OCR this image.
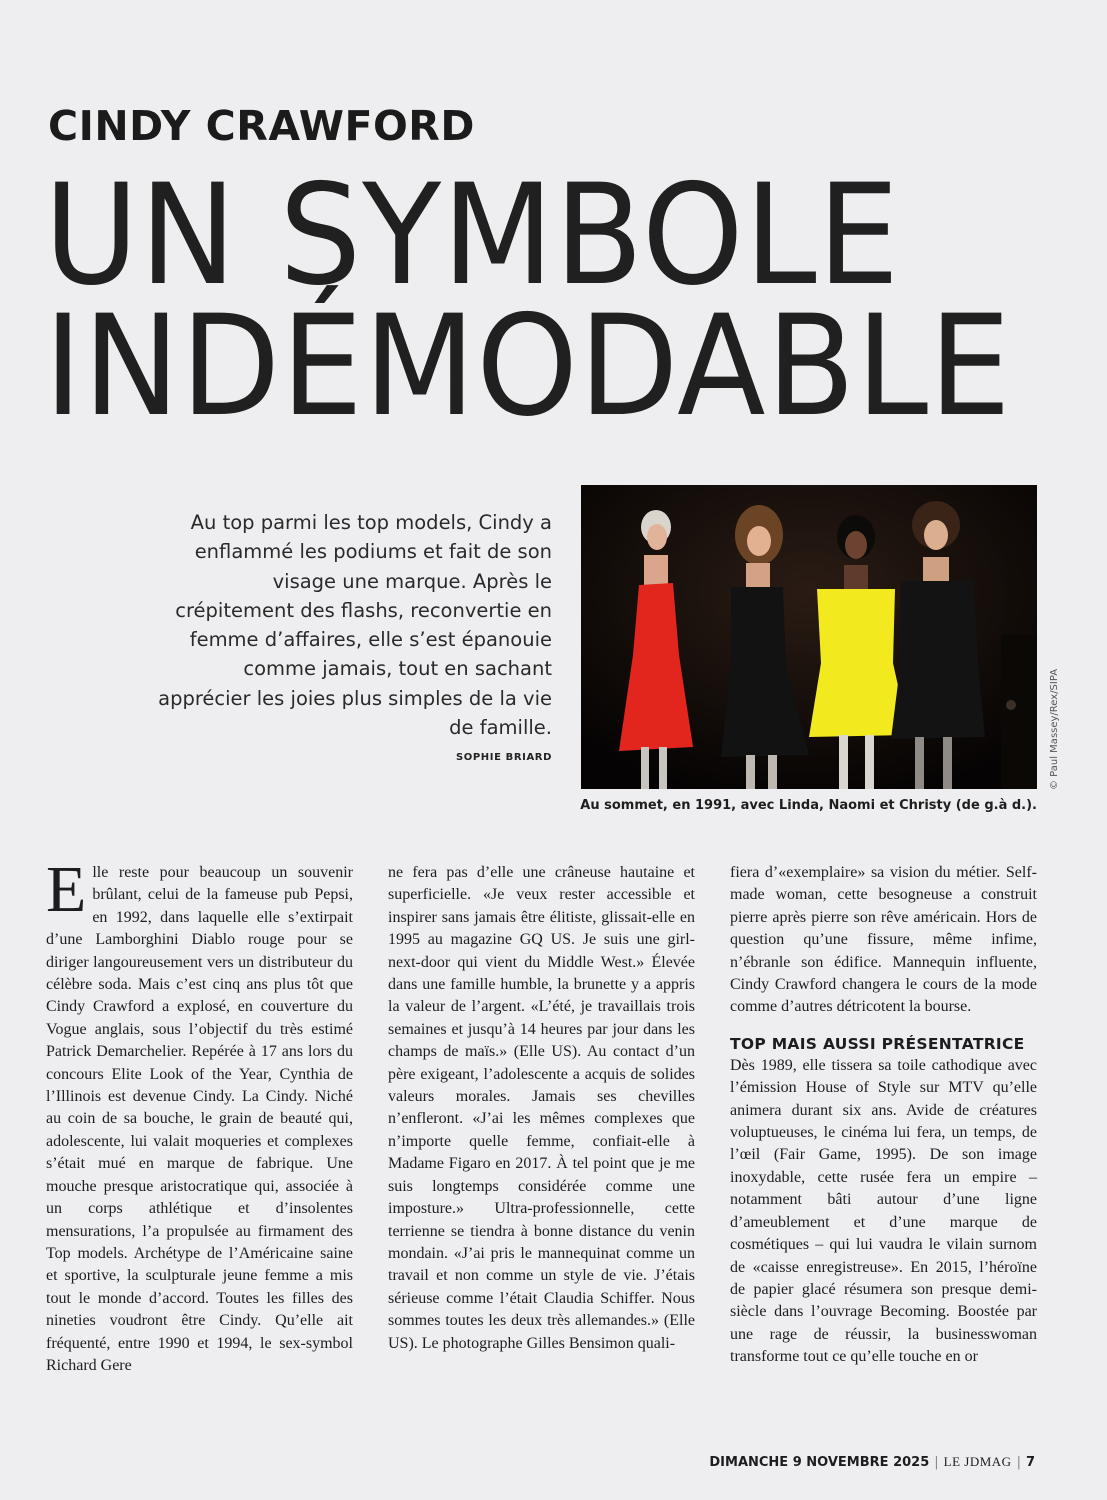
CINDY CRAWFORD
UN SYMBOLE
INDÉMODABLE

Au top parmi les top models, Cindy a enflammé les podiums et fait de son visage une marque. Après le crépitement des flashs, reconvertie en femme d’affaires, elle s’est épanouie comme jamais, tout en sachant apprécier les joies plus simples de la vie de famille.

SOPHIE BRIARD	© Paul Massey/Rex/SIPA
Au sommet, en 1991, avec Linda, Naomi et Christy (de g.à d.).
Elle reste pour beaucoup un souvenir brûlant, celui de la fameuse pub Pepsi, en 1992, dans laquelle elle s’extirpait d’une Lamborghini Diablo rouge pour se diriger langoureusement vers un distributeur du célèbre soda. Mais c’est cinq ans plus tôt que Cindy Crawford a explosé, en couverture du Vogue anglais, sous l’objectif du très estimé Patrick Demarchelier. Repérée à 17 ans lors du concours Elite Look of the Year, Cynthia de l’Illinois est devenue Cindy. La Cindy. Niché au coin de sa bouche, le grain de beauté qui, adolescente, lui valait moqueries et complexes s’était mué en marque de fabrique. Une mouche presque aristocratique qui, associée à un corps athlétique et d’insolentes mensurations, l’a propulsée au firmament des Top models. Archétype de l’Américaine saine et sportive, la sculpturale jeune femme a mis tout le monde d’accord. Toutes les filles des nineties voudront être Cindy. Qu’elle ait fréquenté, entre 1990 et 1994, le sex-symbol Richard Gere
ne fera pas d’elle une crâneuse hautaine et superficielle. «Je veux rester accessible et inspirer sans jamais être élitiste, glissait-elle en 1995 au magazine GQ US. Je suis une girl-next-door qui vient du Middle West.» Élevée dans une famille humble, la brunette y a appris la valeur de l’argent. «L’été, je travaillais trois semaines et jusqu’à 14 heures par jour dans les champs de maïs.» (Elle US). Au contact d’un père exigeant, l’adolescente a acquis de solides valeurs morales. Jamais ses chevilles n’enfleront. «J’ai les mêmes complexes que n’importe quelle femme, confiait-elle à Madame Figaro en 2017. À tel point que je me suis longtemps considérée comme une imposture.» Ultra-professionnelle, cette terrienne se tiendra à bonne distance du venin mondain. «J’ai pris le mannequinat comme un travail et non comme un style de vie. J’étais sérieuse comme l’était Claudia Schiffer. Nous sommes toutes les deux très allemandes.» (Elle US). Le photographe Gilles Bensimon quali-
fiera d’«exemplaire» sa vision du métier. Self-made woman, cette besogneuse a construit pierre après pierre son rêve américain. Hors de question qu’une fissure, même infime, n’ébranle son édifice. Mannequin influente, Cindy Crawford changera le cours de la mode comme d’autres détricotent la bourse.
TOP MAIS AUSSI PRÉSENTATRICE
Dès 1989, elle tissera sa toile cathodique avec l’émission House of Style sur MTV qu’elle animera durant six ans. Avide de créatures voluptueuses, le cinéma lui fera, un temps, de l’œil (Fair Game, 1995). De son image inoxydable, cette rusée fera un empire – notamment bâti autour d’une ligne d’ameublement et d’une marque de cosmétiques – qui lui vaudra le vilain surnom de «caisse enregistreuse». En 2015, l’héroïne de papier glacé résumera son presque demi-siècle dans l’ouvrage Becoming. Boostée par une rage de réussir, la businesswoman transforme tout ce qu’elle touche en or
DIMANCHE 9 NOVEMBRE 2025 | LE JDMAG | 7
